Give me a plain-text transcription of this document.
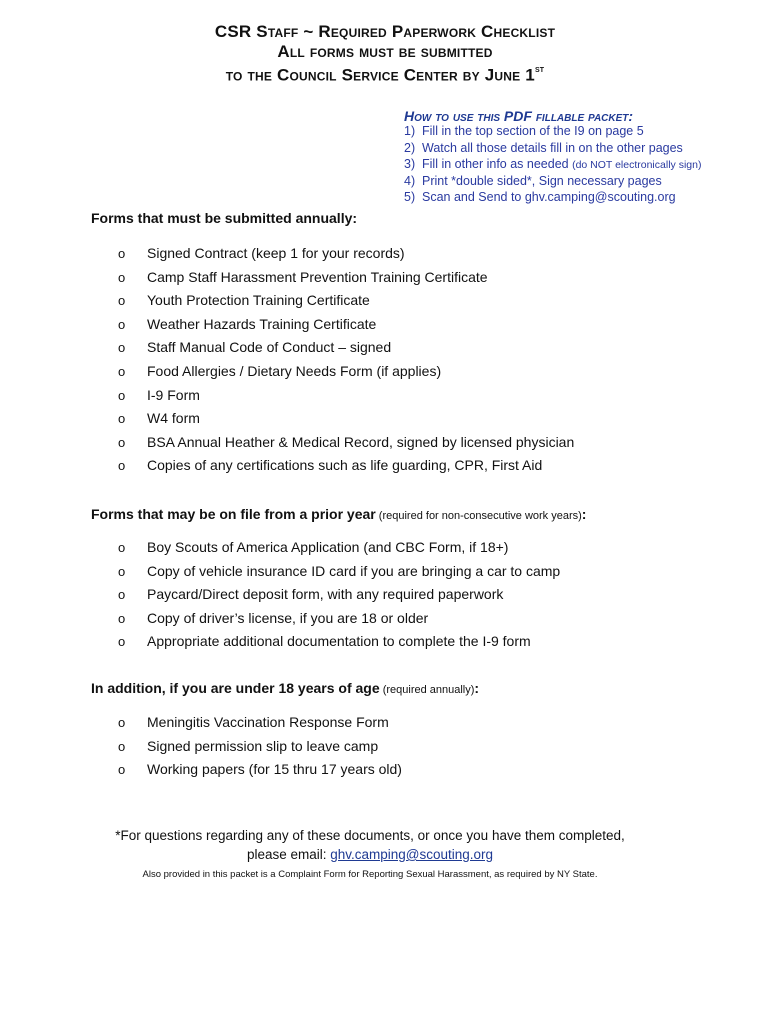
CSR Staff ~ Required Paperwork Checklist
All forms must be submitted
to the Council Service Center by June 1st
How to use this PDF fillable packet:
1) Fill in the top section of the I9 on page 5
2) Watch all those details fill in on the other pages
3) Fill in other info as needed (do NOT electronically sign)
4) Print *double sided*, Sign necessary pages
5) Scan and Send to ghv.camping@scouting.org
Forms that must be submitted annually:
o Signed Contract (keep 1 for your records)
o Camp Staff Harassment Prevention Training Certificate
o Youth Protection Training Certificate
o Weather Hazards Training Certificate
o Staff Manual Code of Conduct – signed
o Food Allergies / Dietary Needs Form (if applies)
o I-9 Form
o W4 form
o BSA Annual Heather & Medical Record, signed by licensed physician
o Copies of any certifications such as life guarding, CPR, First Aid
Forms that may be on file from a prior year (required for non-consecutive work years):
o Boy Scouts of America Application (and CBC Form, if 18+)
o Copy of vehicle insurance ID card if you are bringing a car to camp
o Paycard/Direct deposit form, with any required paperwork
o Copy of driver’s license, if you are 18 or older
o Appropriate additional documentation to complete the I-9 form
In addition, if you are under 18 years of age (required annually):
o Meningitis Vaccination Response Form
o Signed permission slip to leave camp
o Working papers (for 15 thru 17 years old)
*For questions regarding any of these documents, or once you have them completed,
please email: ghv.camping@scouting.org
Also provided in this packet is a Complaint Form for Reporting Sexual Harassment, as required by NY State.
